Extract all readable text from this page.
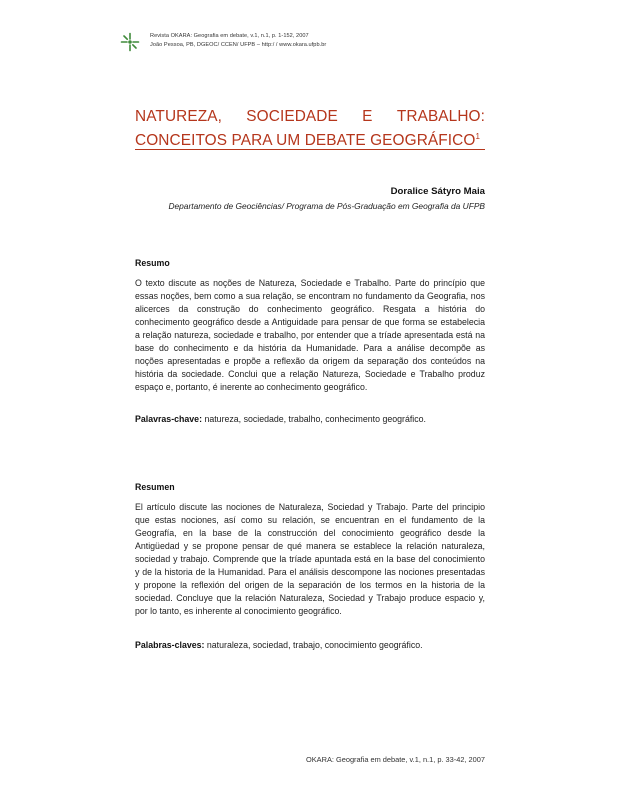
Revista OKARA: Geografia em debate, v.1, n.1, p. 1-152, 2007
João Pessoa, PB, DGEOC/ CCEN/ UFPB – http:/ / www.okara.ufpb.br
NATUREZA, SOCIEDADE E TRABALHO:
CONCEITOS PARA UM DEBATE GEOGRÁFICO$^1$
Doralice Sátyro Maia
Departamento de Geociências/ Programa de Pós-Graduação em Geografia da UFPB
Resumo

O texto discute as noções de Natureza, Sociedade e Trabalho. Parte do princípio que essas noções, bem como a sua relação, se encontram no fundamento da Geografia, nos alicerces da construção do conhecimento geográfico. Resgata a história do conhecimento geográfico desde a Antiguidade para pensar de que forma se estabelecia a relação natureza, sociedade e trabalho, por entender que a tríade apresentada está na base do conhecimento e da história da Humanidade. Para a análise decompõe as noções apresentadas e propõe a reflexão da origem da separação dos conteúdos na história da sociedade. Conclui que a relação Natureza, Sociedade e Trabalho produz espaço e, portanto, é inerente ao conhecimento geográfico.

Palavras-chave: natureza, sociedade, trabalho, conhecimento geográfico.

Resumen

El artículo discute las nociones de Naturaleza, Sociedad y Trabajo. Parte del principio que estas nociones, así como su relación, se encuentran en el fundamento de la Geografía, en la base de la construcción del conocimiento geográfico desde la Antigüedad y se propone pensar de qué manera se establece la relación naturaleza, sociedad y trabajo. Comprende que la tríade apuntada está en la base del conocimiento y de la historia de la Humanidad. Para el análisis descompone las nociones presentadas y propone la reflexión del origen de la separación de los termos en la historia de la sociedad. Concluye que la relación Naturaleza, Sociedad y Trabajo produce espacio y, por lo tanto, es inherente al conocimiento geográfico.

Palabras-claves: naturaleza, sociedad, trabajo, conocimiento geográfico.

OKARA: Geografia em debate, v.1, n.1, p. 33-42, 2007
